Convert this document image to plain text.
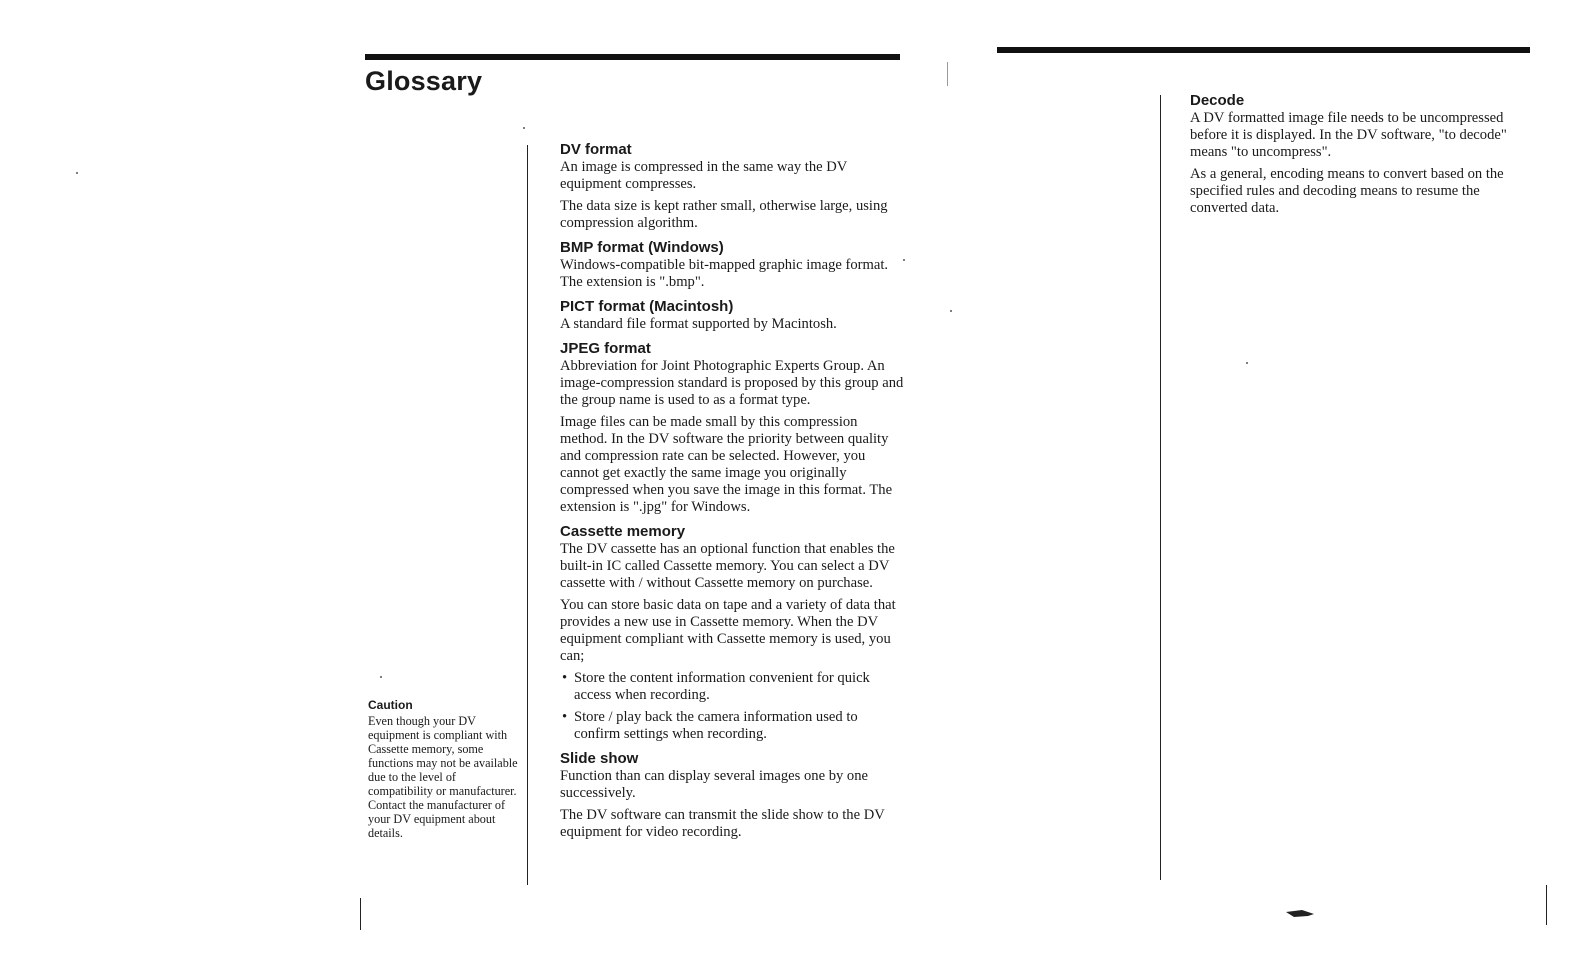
Glossary
Caution

Even though your DV equipment is compliant with Cassette memory, some functions may not be available due to the level of compatibility or manufacturer.

Contact the manufacturer of your DV equipment about details.

DV format

An image is compressed in the same way the DV equipment compresses.

The data size is kept rather small, otherwise large, using compression algorithm.

BMP format (Windows)

Windows-compatible bit-mapped graphic image format. The extension is ".bmp".

PICT format (Macintosh)

A standard file format supported by Macintosh.

JPEG format

Abbreviation for Joint Photographic Experts Group. An image-compression standard is proposed by this group and the group name is used to as a format type.

Image files can be made small by this compression method. In the DV software the priority between quality and compression rate can be selected. However, you cannot get exactly the same image you originally compressed when you save the image in this format. The extension is ".jpg" for Windows.

Cassette memory

The DV cassette has an optional function that enables the built-in IC called Cassette memory. You can select a DV cassette with / without Cassette memory on purchase.

You can store basic data on tape and a variety of data that provides a new use in Cassette memory. When the DV equipment compliant with Cassette memory is used, you can;

• Store the content information convenient for quick access when recording.
• Store / play back the camera information used to confirm settings when recording.
Slide show

Function than can display several images one by one successively.

The DV software can transmit the slide show to the DV equipment for video recording.

Decode

A DV formatted image file needs to be uncompressed before it is displayed. In the DV software, "to decode" means "to uncompress".

As a general, encoding means to convert based on the specified rules and decoding means to resume the converted data.
